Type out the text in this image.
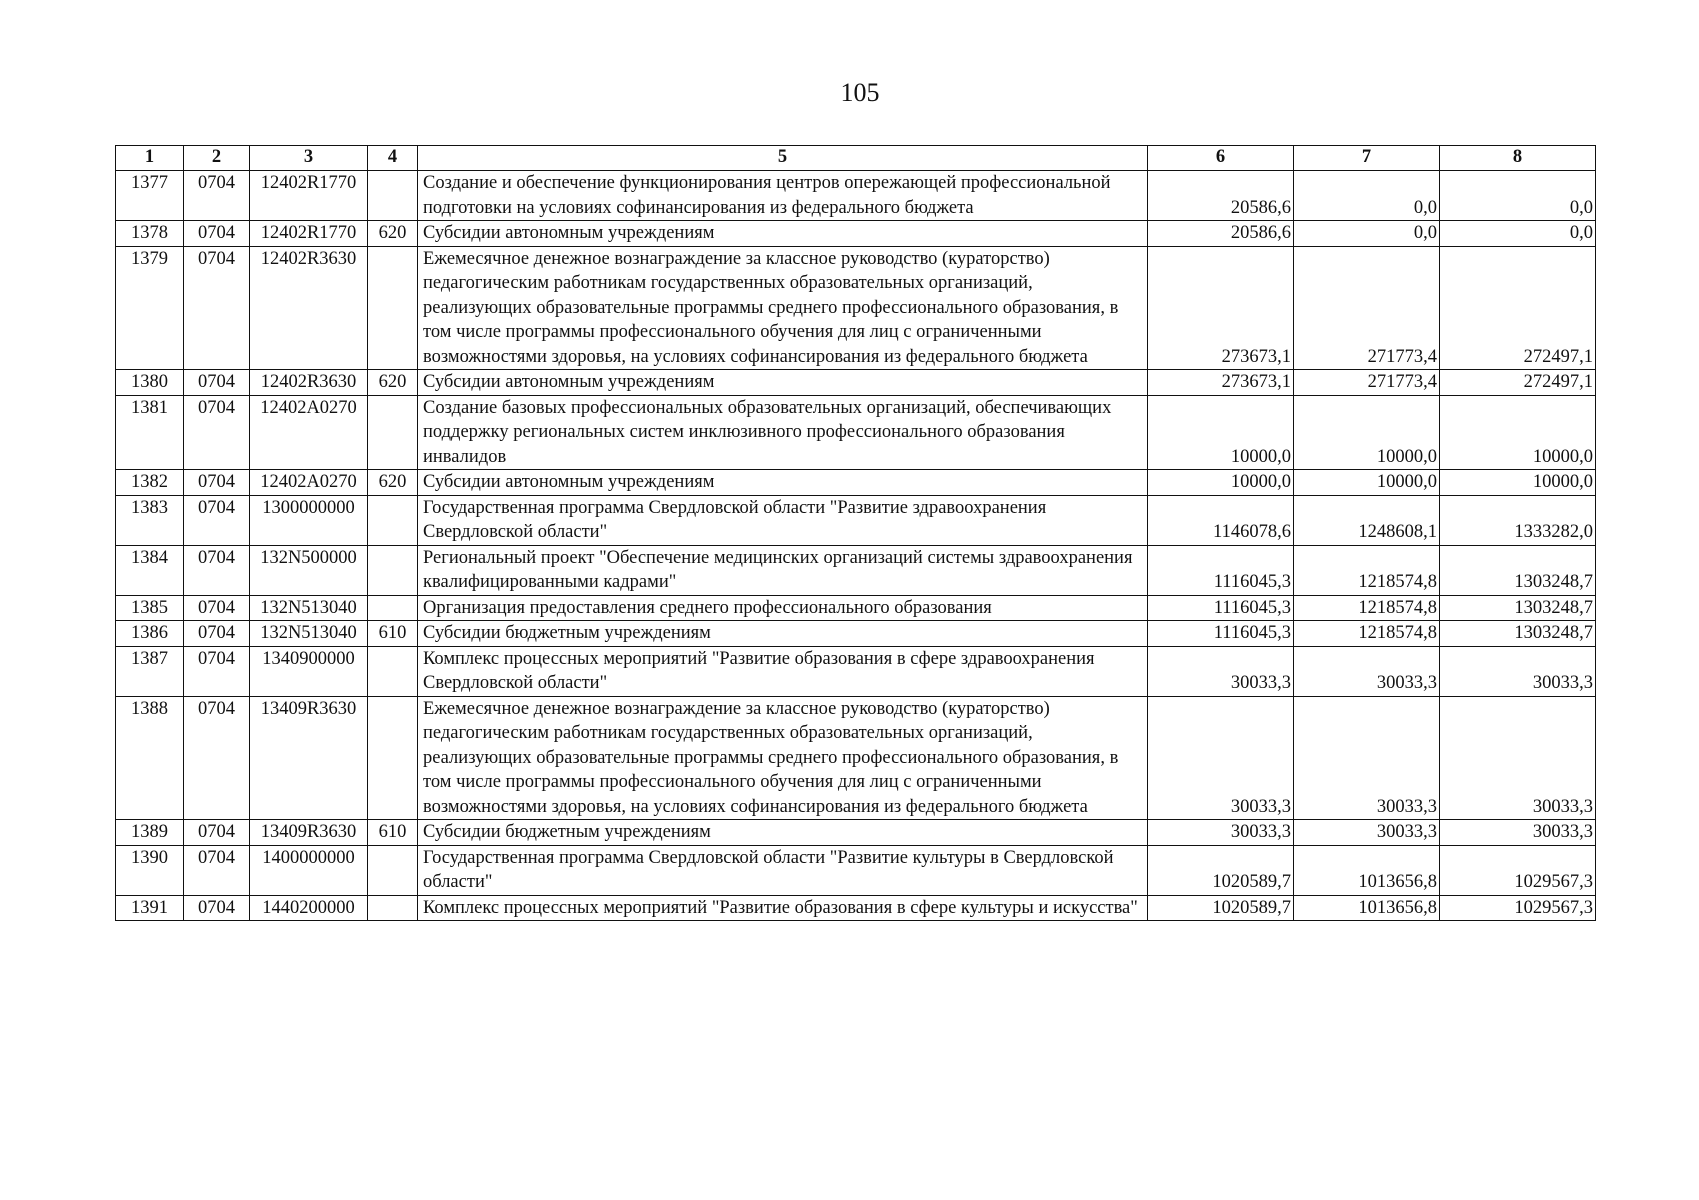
105
1	2	3	4	5	6	7	8
1377	0704	12402R1770		Создание и обеспечение функционирования центров опережающей профессиональной подготовки на условиях софинансирования из федерального бюджета	20586,6	0,0	0,0
1378	0704	12402R1770	620	Субсидии автономным учреждениям	20586,6	0,0	0,0
1379	0704	12402R3630		Ежемесячное денежное вознаграждение за классное руководство (кураторство) педагогическим работникам государственных образовательных организаций, реализующих образовательные программы среднего профессионального образования, в том числе программы профессионального обучения для лиц с ограниченными возможностями здоровья, на условиях софинансирования из федерального бюджета	273673,1	271773,4	272497,1
1380	0704	12402R3630	620	Субсидии автономным учреждениям	273673,1	271773,4	272497,1
1381	0704	12402A0270		Создание базовых профессиональных образовательных организаций, обеспечивающих поддержку региональных систем инклюзивного профессионального образования инвалидов	10000,0	10000,0	10000,0
1382	0704	12402A0270	620	Субсидии автономным учреждениям	10000,0	10000,0	10000,0
1383	0704	1300000000		Государственная программа Свердловской области "Развитие здравоохранения Свердловской области"	1146078,6	1248608,1	1333282,0
1384	0704	132N500000		Региональный проект "Обеспечение медицинских организаций системы здравоохранения квалифицированными кадрами"	1116045,3	1218574,8	1303248,7
1385	0704	132N513040		Организация предоставления среднего профессионального образования	1116045,3	1218574,8	1303248,7
1386	0704	132N513040	610	Субсидии бюджетным учреждениям	1116045,3	1218574,8	1303248,7
1387	0704	1340900000		Комплекс процессных мероприятий "Развитие образования в сфере здравоохранения Свердловской области"	30033,3	30033,3	30033,3
1388	0704	13409R3630		Ежемесячное денежное вознаграждение за классное руководство (кураторство) педагогическим работникам государственных образовательных организаций, реализующих образовательные программы среднего профессионального образования, в том числе программы профессионального обучения для лиц с ограниченными возможностями здоровья, на условиях софинансирования из федерального бюджета	30033,3	30033,3	30033,3
1389	0704	13409R3630	610	Субсидии бюджетным учреждениям	30033,3	30033,3	30033,3
1390	0704	1400000000		Государственная программа Свердловской области "Развитие культуры в Свердловской области"	1020589,7	1013656,8	1029567,3
1391	0704	1440200000		Комплекс процессных мероприятий "Развитие образования в сфере культуры и искусства"	1020589,7	1013656,8	1029567,3
